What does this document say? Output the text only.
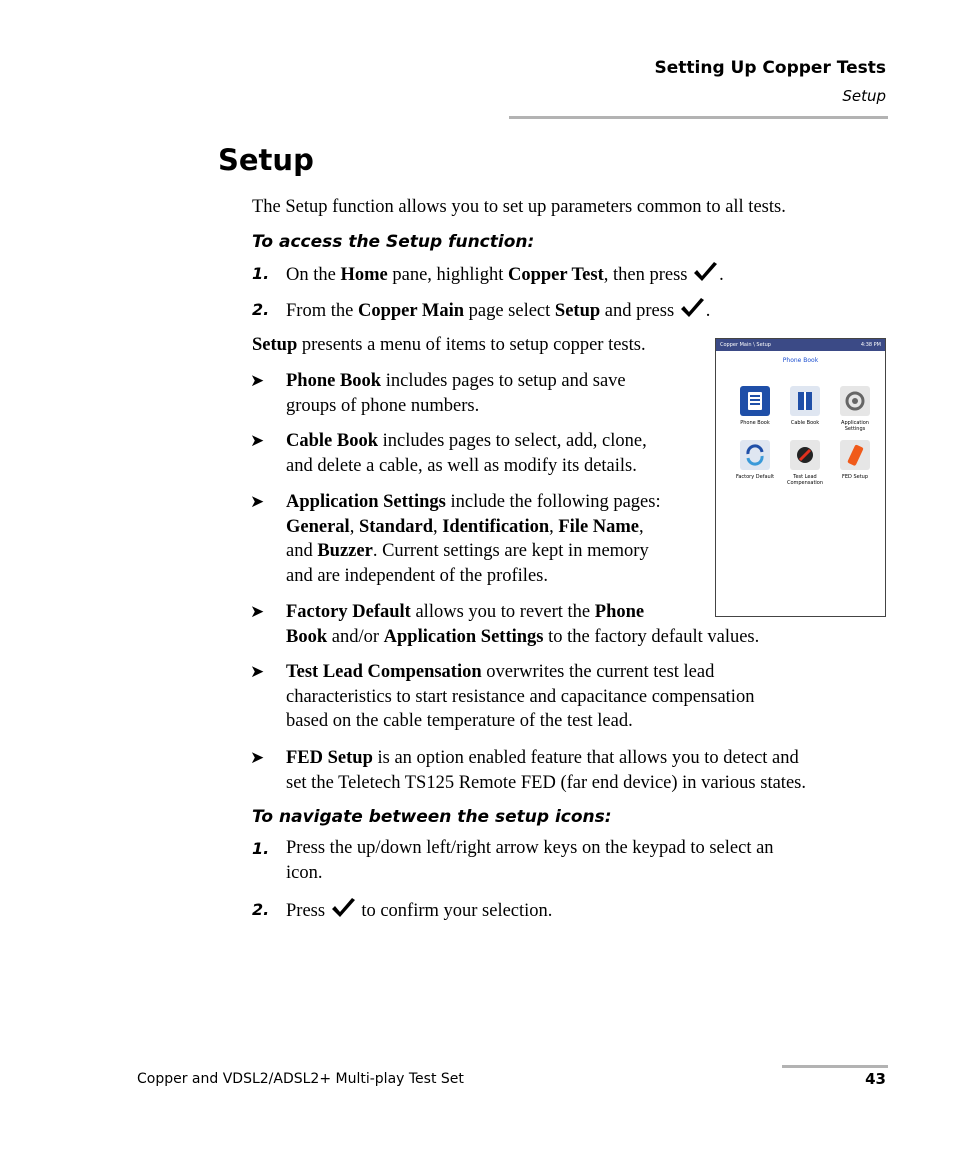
Setting Up Copper Tests
Setup
Setup
The Setup function allows you to set up parameters common to all tests.
To access the Setup function:
1. On the Home pane, highlight Copper Test, then press .
2. From the Copper Main page select Setup and press .
Setup presents a menu of items to setup copper tests.
➤ Phone Book includes pages to setup and save
groups of phone numbers.
➤ Cable Book includes pages to select, add, clone,
and delete a cable, as well as modify its details.
➤ Application Settings include the following pages:
General, Standard, Identification, File Name,
and Buzzer. Current settings are kept in memory
and are independent of the profiles.
➤ Factory Default allows you to revert the Phone
Book and/or Application Settings to the factory default values.
➤ Test Lead Compensation overwrites the current test lead
characteristics to start resistance and capacitance compensation
based on the cable temperature of the test lead.
➤ FED Setup is an option enabled feature that allows you to detect and
set the Teletech TS125 Remote FED (far end device) in various states.
To navigate between the setup icons:
1. Press the up/down left/right arrow keys on the keypad to select an
icon.
2. Press  to confirm your selection.
Copper Main \ Setup	4:38 PM
Phone Book
Phone Book	Cable Book	Application Settings
Factory Default	Test Lead Compensation
FED Setup
Copper and VDSL2/ADSL2+ Multi-play Test Set	43
